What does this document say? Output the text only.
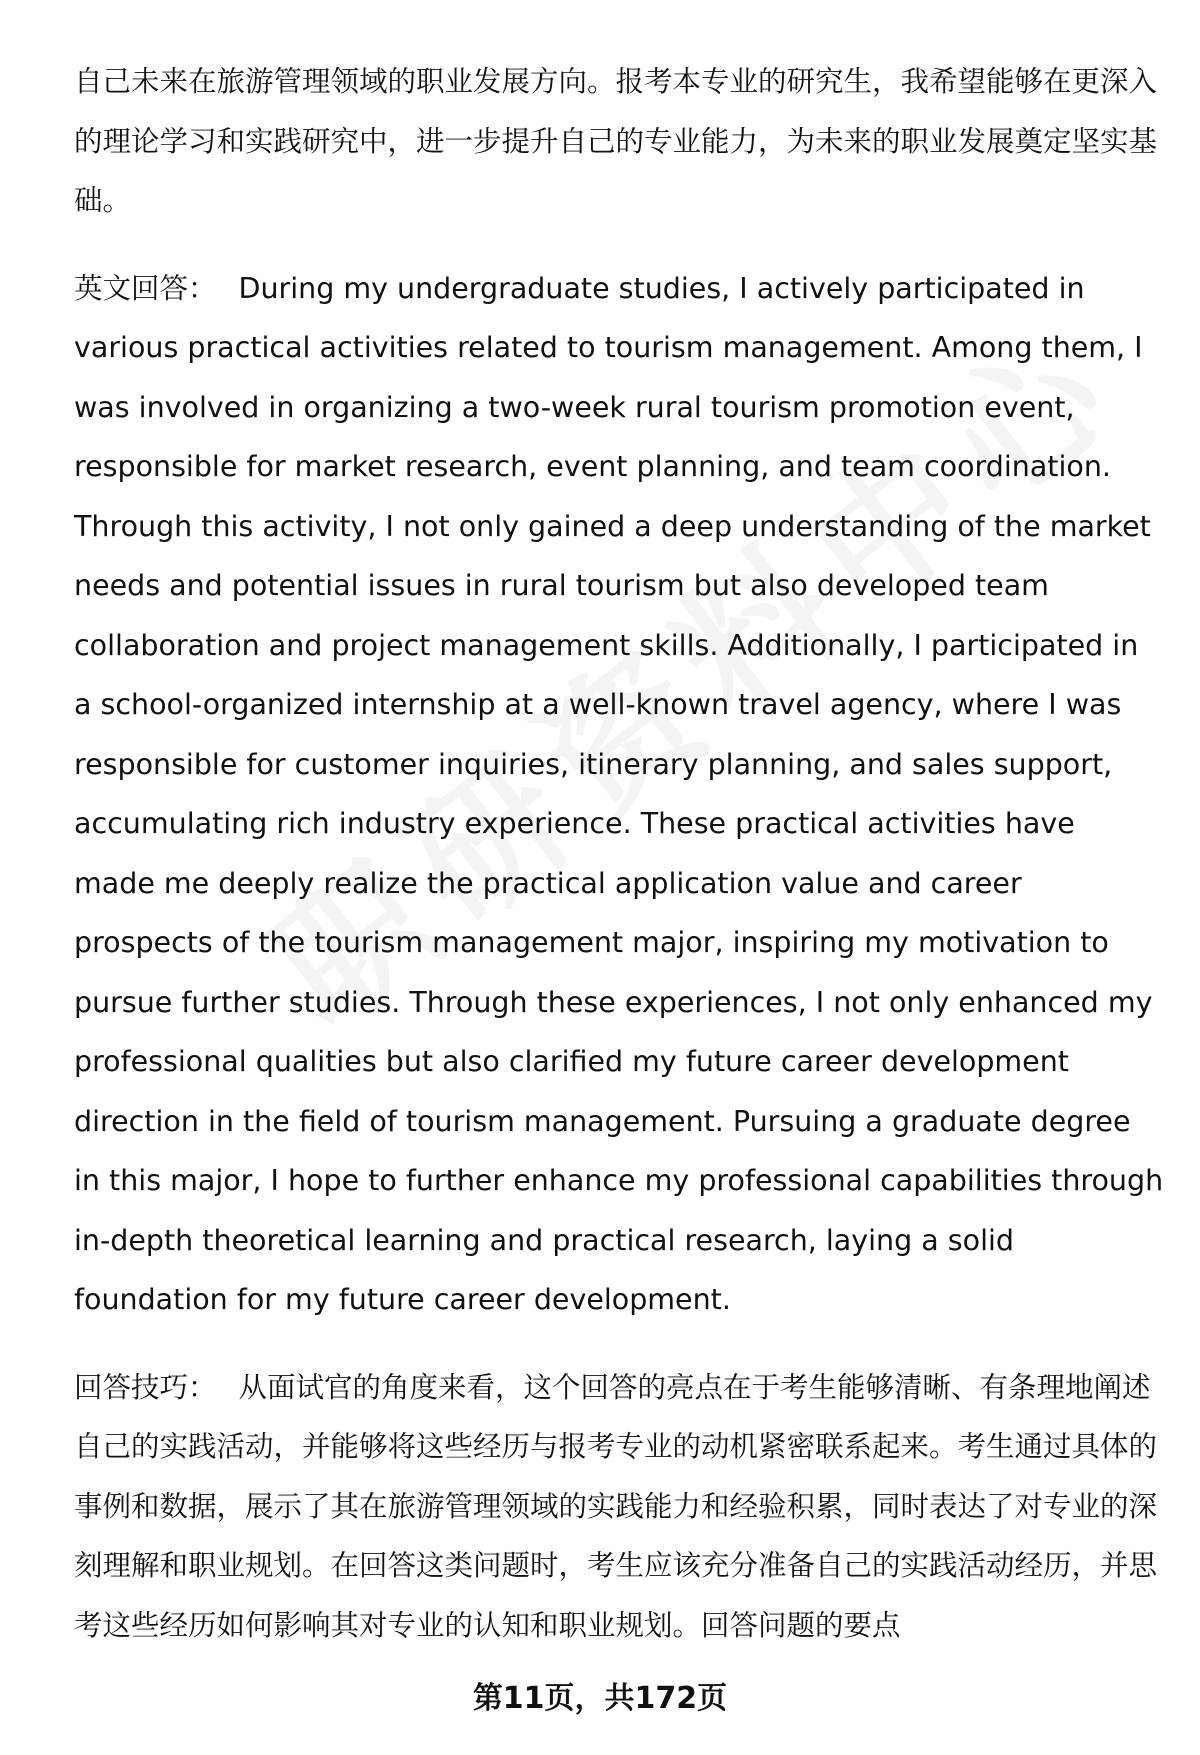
自己未来在旅游管理领域的职业发展方向。报考本专业的研究生，我希望能够在更深入的理论学习和实践研究中，进一步提升自己的专业能力，为未来的职业发展奠定坚实基础。

英文回答： During my undergraduate studies, I actively participated in various practical activities related to tourism management. Among them, I was involved in organizing a two-week rural tourism promotion event, responsible for market research, event planning, and team coordination. Through this activity, I not only gained a deep understanding of the market needs and potential issues in rural tourism but also developed team collaboration and project management skills. Additionally, I participated in a school-organized internship at a well-known travel agency, where I was responsible for customer inquiries, itinerary planning, and sales support, accumulating rich industry experience. These practical activities have made me deeply realize the practical application value and career prospects of the tourism management major, inspiring my motivation to pursue further studies. Through these experiences, I not only enhanced my professional qualities but also clarified my future career development direction in the field of tourism management. Pursuing a graduate degree in this major, I hope to further enhance my professional capabilities through in-depth theoretical learning and practical research, laying a solid foundation for my future career development.

回答技巧： 从面试官的角度来看，这个回答的亮点在于考生能够清晰、有条理地阐述自己的实践活动，并能够将这些经历与报考专业的动机紧密联系起来。考生通过具体的事例和数据，展示了其在旅游管理领域的实践能力和经验积累，同时表达了对专业的深刻理解和职业规划。在回答这类问题时，考生应该充分准备自己的实践活动经历，并思考这些经历如何影响其对专业的认知和职业规划。回答问题的要点

第11页，共172页
